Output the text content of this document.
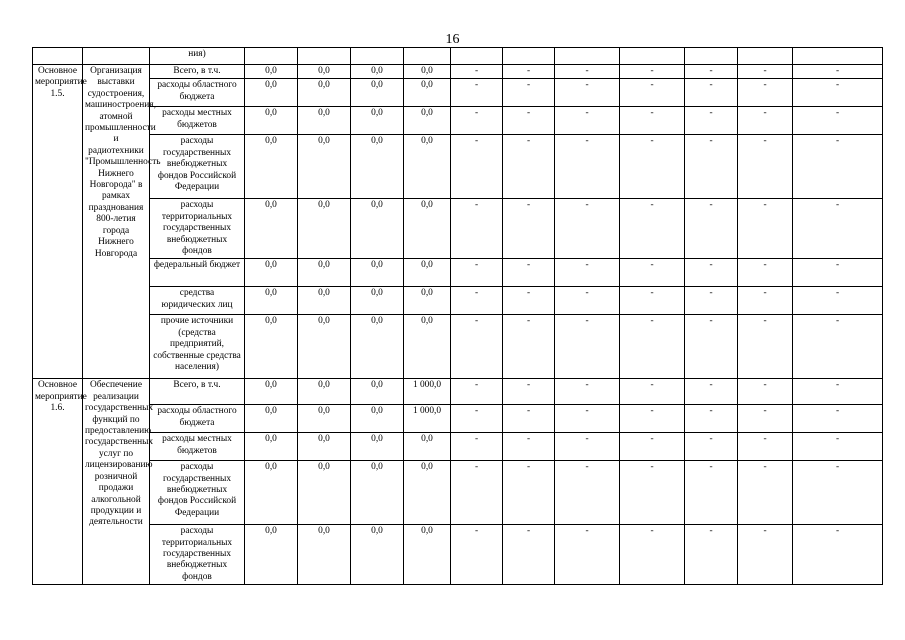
16
		ния)												
Основное мероприятие 1.5.	Организация выставки судостроения, машиностроения, атомной промышленности и радиотехники "Промышленность Нижнего Новгорода" в рамках празднования 800-летия города Нижнего Новгорода	Всего, в т.ч.	0,0	0,0	0,0	0,0	-	-	-	-	-	-	-	
		расходы областного бюджета	0,0	0,0	0,0	0,0	-	-	-	-	-	-	-	
		расходы местных бюджетов	0,0	0,0	0,0	0,0	-	-	-	-	-	-	-	
		расходы государственных внебюджетных фондов Российской Федерации	0,0	0,0	0,0	0,0	-	-	-	-	-	-	-	
		расходы территориальных государственных внебюджетных фондов	0,0	0,0	0,0	0,0	-	-	-	-	-	-	-	
		федеральный бюджет	0,0	0,0	0,0	0,0	-	-	-	-	-	-	-	
		средства юридических лиц	0,0	0,0	0,0	0,0	-	-	-	-	-	-	-	
		прочие источники (средства предприятий, собственные средства населения)	0,0	0,0	0,0	0,0	-	-	-	-	-	-	-	
Основное мероприятие 1.6.	Обеспечение реализации государственных функций по предоставлению государственных услуг по лицензированию розничной продажи алкогольной продукции и деятельности	Всего, в т.ч.	0,0	0,0	0,0	1 000,0	-	-	-	-	-	-	-	
		расходы областного бюджета	0,0	0,0	0,0	1 000,0	-	-	-	-	-	-	-	
		расходы местных бюджетов	0,0	0,0	0,0	0,0	-	-	-	-	-	-	-	
		расходы государственных внебюджетных фондов Российской Федерации	0,0	0,0	0,0	0,0	-	-	-	-	-	-	-	
		расходы территориальных государственных внебюджетных фондов	0,0	0,0	0,0	0,0	-	-	-	-	-	-	-	
